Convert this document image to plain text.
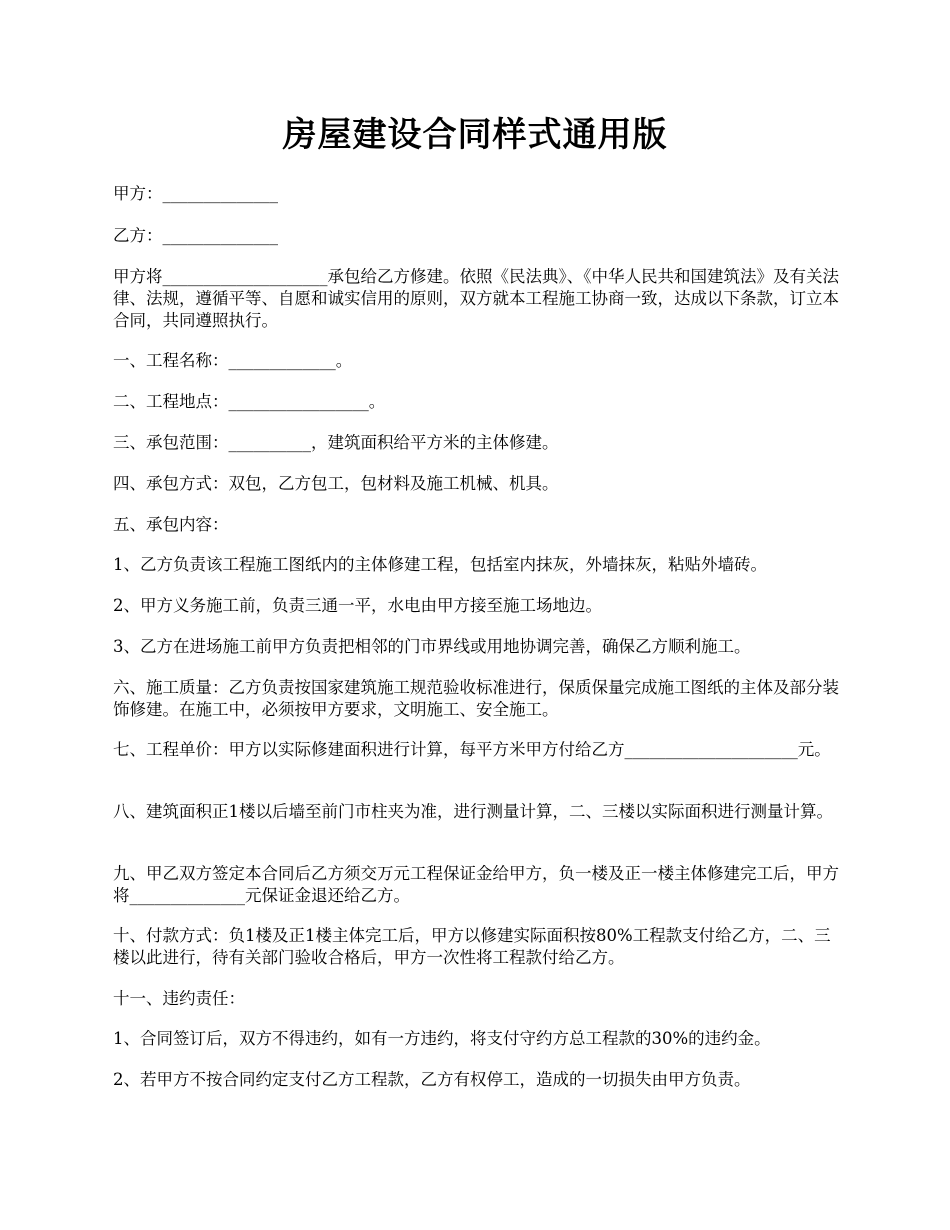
房屋建设合同样式通用版

甲方：______________

乙方：______________

甲方将____________________承包给乙方修建。依照《民法典》、《中华人民共和国建筑法》及有关法律、法规，遵循平等、自愿和诚实信用的原则，双方就本工程施工协商一致，达成以下条款，订立本合同，共同遵照执行。

一、工程名称：_____________。

二、工程地点：_________________。

三、承包范围：__________，建筑面积给平方米的主体修建。

四、承包方式：双包，乙方包工，包材料及施工机械、机具。

五、承包内容：

1、乙方负责该工程施工图纸内的主体修建工程，包括室内抹灰，外墙抹灰，粘贴外墙砖。

2、甲方义务施工前，负责三通一平，水电由甲方接至施工场地边。

3、乙方在进场施工前甲方负责把相邻的门市界线或用地协调完善，确保乙方顺利施工。

六、施工质量：乙方负责按国家建筑施工规范验收标准进行，保质保量完成施工图纸的主体及部分装饰修建。在施工中，必须按甲方要求，文明施工、安全施工。

七、工程单价：甲方以实际修建面积进行计算，每平方米甲方付给乙方_____________________元。

八、建筑面积正1楼以后墙至前门市柱夹为准，进行测量计算，二、三楼以实际面积进行测量计算。

九、甲乙双方签定本合同后乙方须交万元工程保证金给甲方，负一楼及正一楼主体修建完工后，甲方将______________元保证金退还给乙方。

十、付款方式：负1楼及正1楼主体完工后，甲方以修建实际面积按80%工程款支付给乙方，二、三楼以此进行，待有关部门验收合格后，甲方一次性将工程款付给乙方。

十一、违约责任：

1、合同签订后，双方不得违约，如有一方违约，将支付守约方总工程款的30%的违约金。

2、若甲方不按合同约定支付乙方工程款，乙方有权停工，造成的一切损失由甲方负责。
